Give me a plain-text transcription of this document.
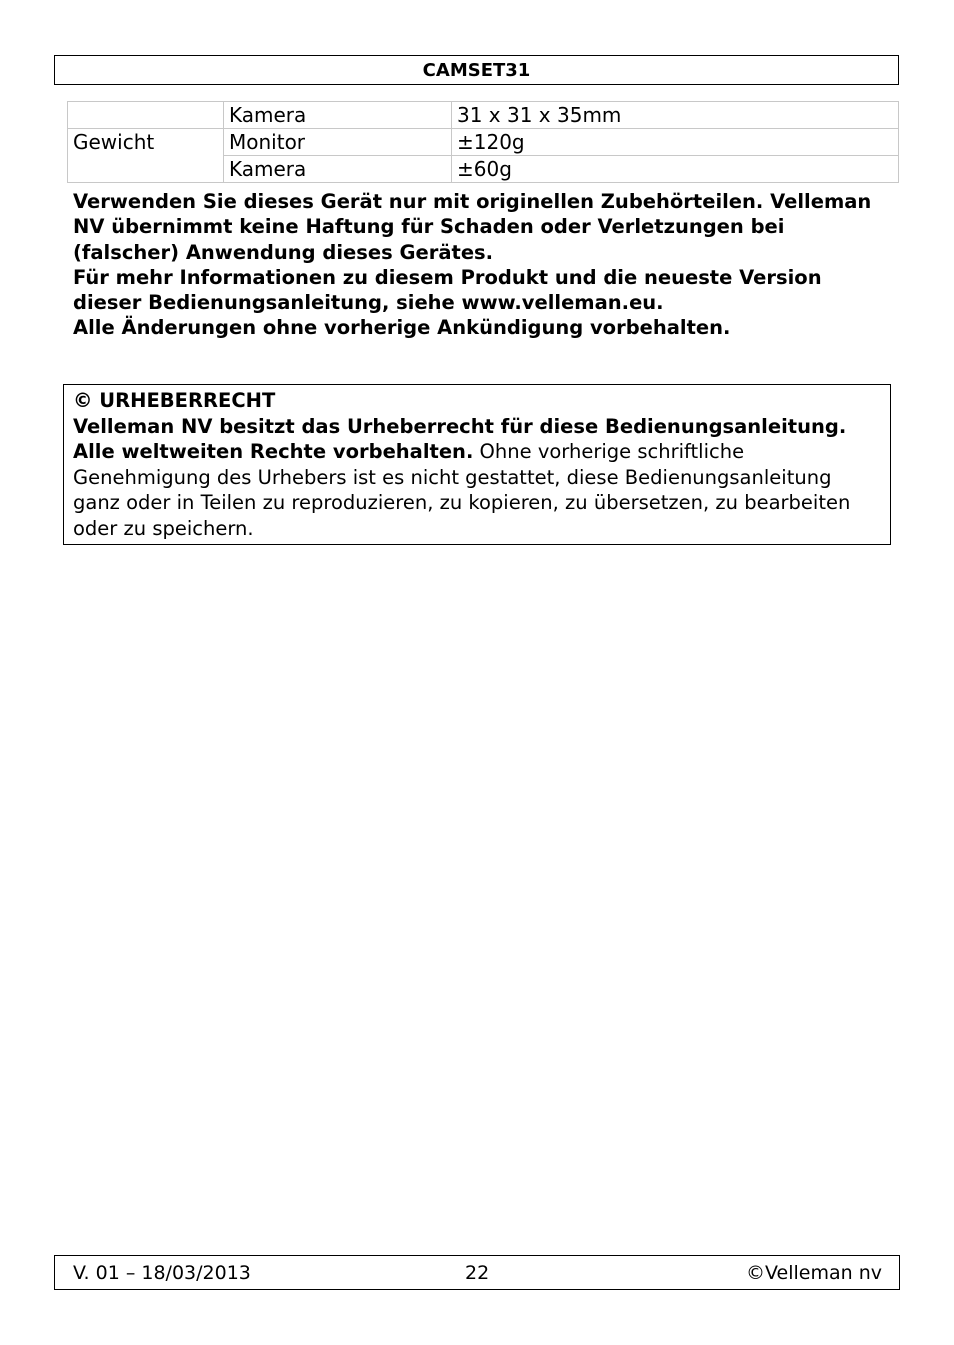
CAMSET31
	Kamera	31 x 31 x 35mm
Gewicht	Monitor	±120g
	Kamera	±60g

Verwenden Sie dieses Gerät nur mit originellen Zubehörteilen. Velleman NV übernimmt keine Haftung für Schaden oder Verletzungen bei (falscher) Anwendung dieses Gerätes.

Für mehr Informationen zu diesem Produkt und die neueste Version dieser Bedienungsanleitung, siehe www.velleman.eu.

Alle Änderungen ohne vorherige Ankündigung vorbehalten.

© URHEBERRECHT
Velleman NV besitzt das Urheberrecht für diese Bedienungsanleitung. Alle weltweiten Rechte vorbehalten. Ohne vorherige schriftliche Genehmigung des Urhebers ist es nicht gestattet, diese Bedienungsanleitung ganz oder in Teilen zu reproduzieren, zu kopieren, zu übersetzen, zu bearbeiten oder zu speichern.
V. 01 – 18/03/2013	22	©Velleman nv
